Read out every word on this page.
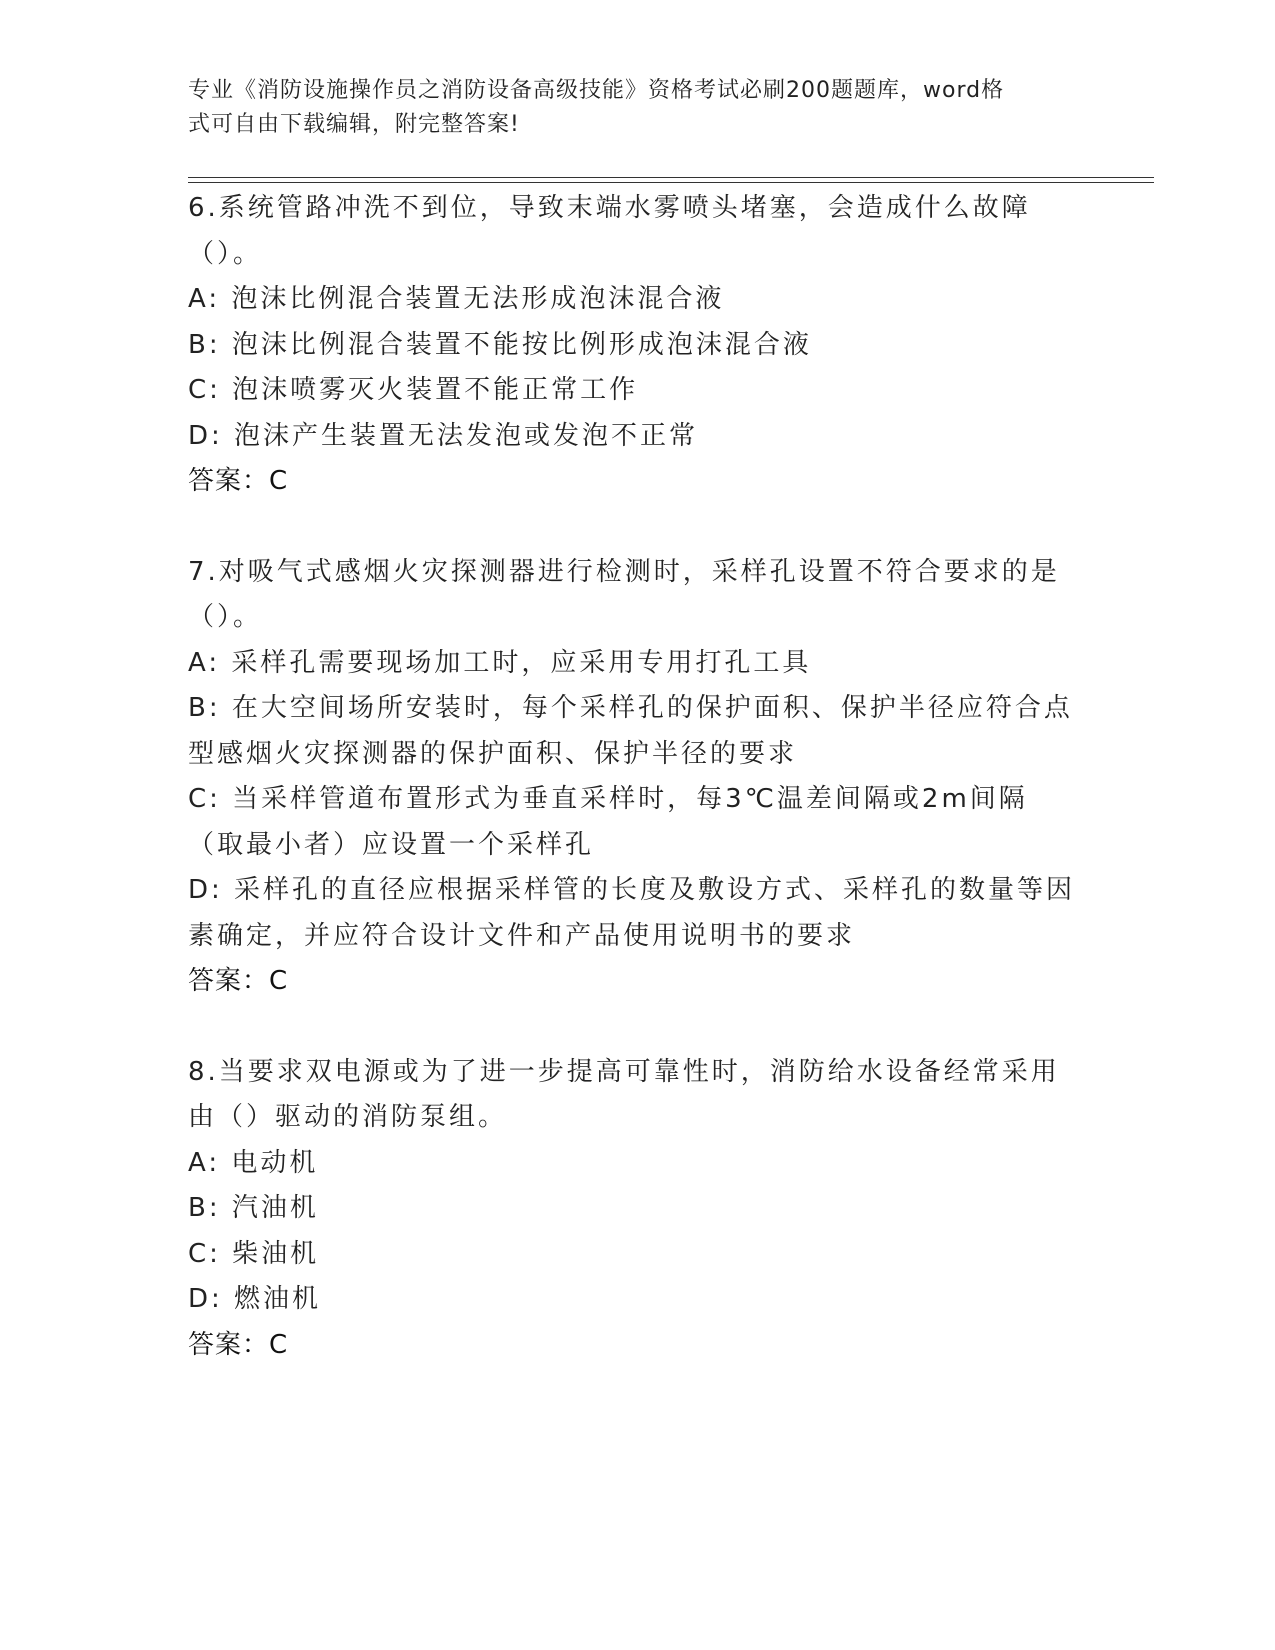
专业《消防设施操作员之消防设备高级技能》资格考试必刷200题题库，word格
式可自由下载编辑，附完整答案!

6.系统管路冲洗不到位，导致末端水雾喷头堵塞，会造成什么故障（）。

A: 泡沫比例混合装置无法形成泡沫混合液

B: 泡沫比例混合装置不能按比例形成泡沫混合液

C: 泡沫喷雾灭火装置不能正常工作

D: 泡沫产生装置无法发泡或发泡不正常

答案：C

7.对吸气式感烟火灾探测器进行检测时，采样孔设置不符合要求的是（）。

A: 采样孔需要现场加工时，应采用专用打孔工具

B: 在大空间场所安装时，每个采样孔的保护面积、保护半径应符合点型感烟火灾探测器的保护面积、保护半径的要求

C: 当采样管道布置形式为垂直采样时，每3℃温差间隔或2m间隔（取最小者）应设置一个采样孔

D: 采样孔的直径应根据采样管的长度及敷设方式、采样孔的数量等因素确定，并应符合设计文件和产品使用说明书的要求

答案：C

8.当要求双电源或为了进一步提高可靠性时，消防给水设备经常采用由（）驱动的消防泵组。

A: 电动机

B: 汽油机

C: 柴油机

D: 燃油机

答案：C
